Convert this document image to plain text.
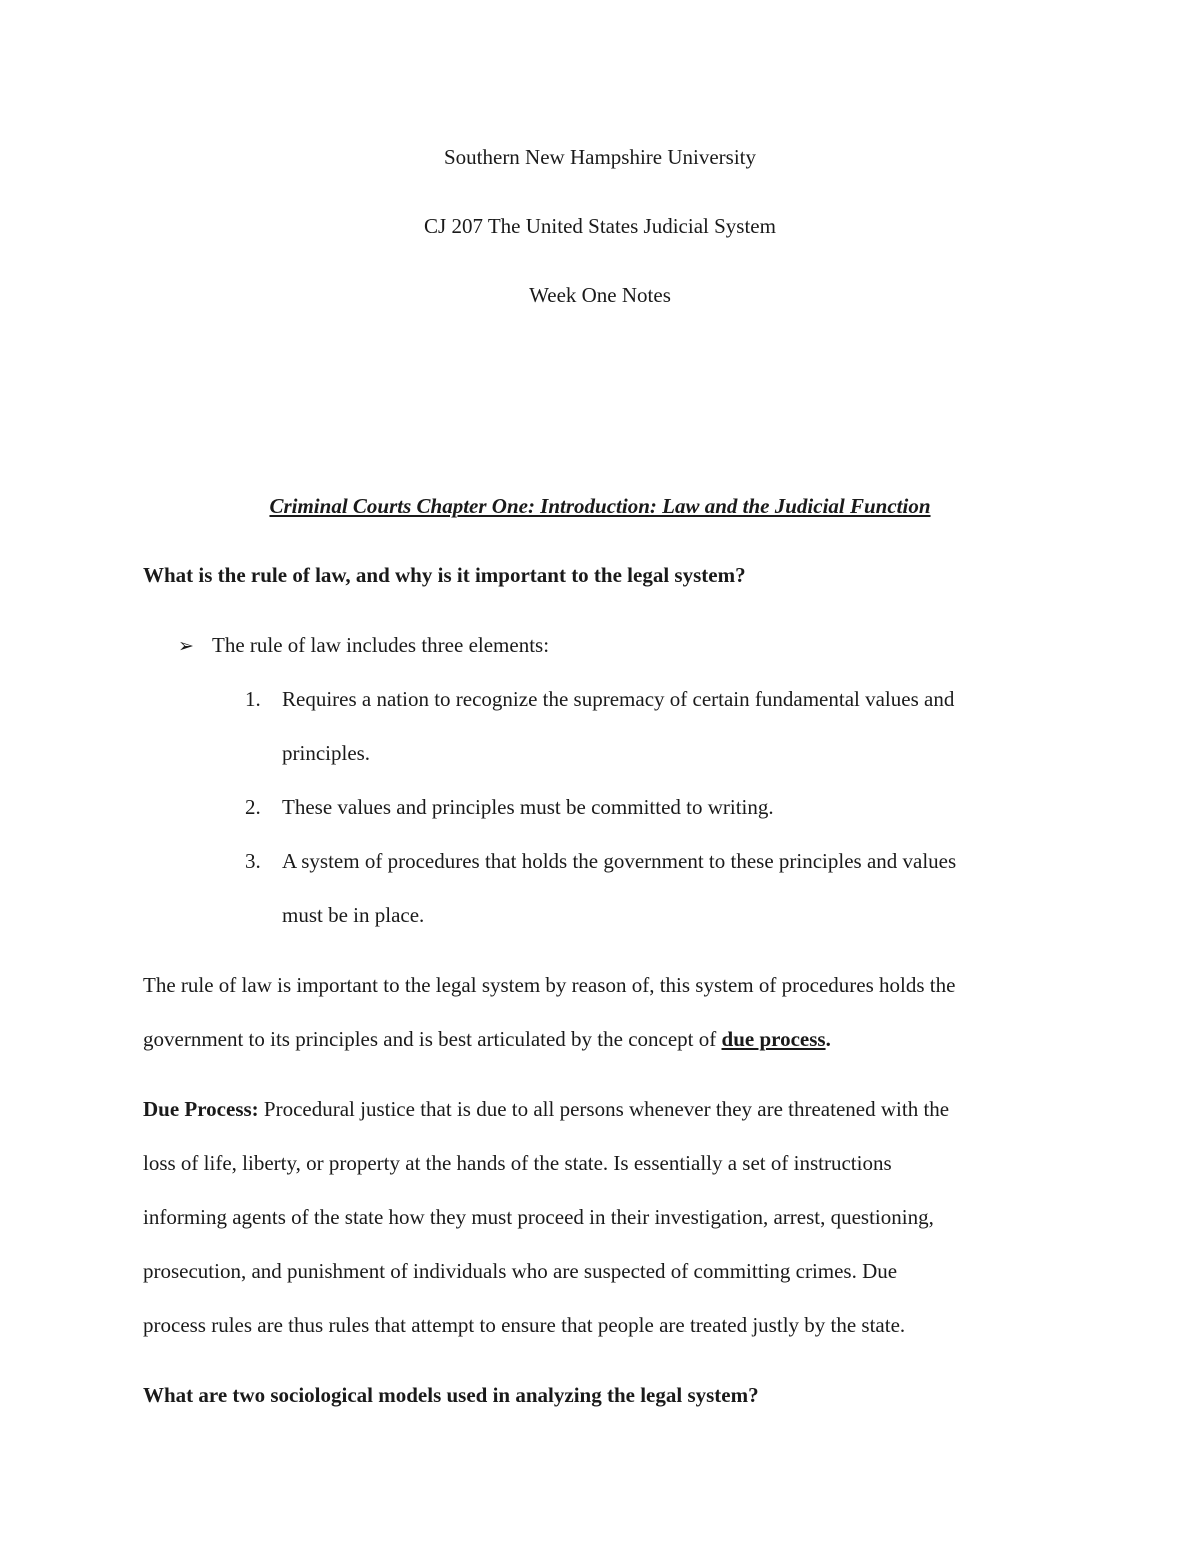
Southern New Hampshire University
CJ 207 The United States Judicial System
Week One Notes
Criminal Courts Chapter One: Introduction: Law and the Judicial Function
What is the rule of law, and why is it important to the legal system?
➢ The rule of law includes three elements:
1. Requires a nation to recognize the supremacy of certain fundamental values and
principles.
2. These values and principles must be committed to writing.
3. A system of procedures that holds the government to these principles and values
must be in place.
The rule of law is important to the legal system by reason of, this system of procedures holds the
government to its principles and is best articulated by the concept of due process.
Due Process: Procedural justice that is due to all persons whenever they are threatened with the
loss of life, liberty, or property at the hands of the state. Is essentially a set of instructions
informing agents of the state how they must proceed in their investigation, arrest, questioning,
prosecution, and punishment of individuals who are suspected of committing crimes. Due
process rules are thus rules that attempt to ensure that people are treated justly by the state.
What are two sociological models used in analyzing the legal system?
